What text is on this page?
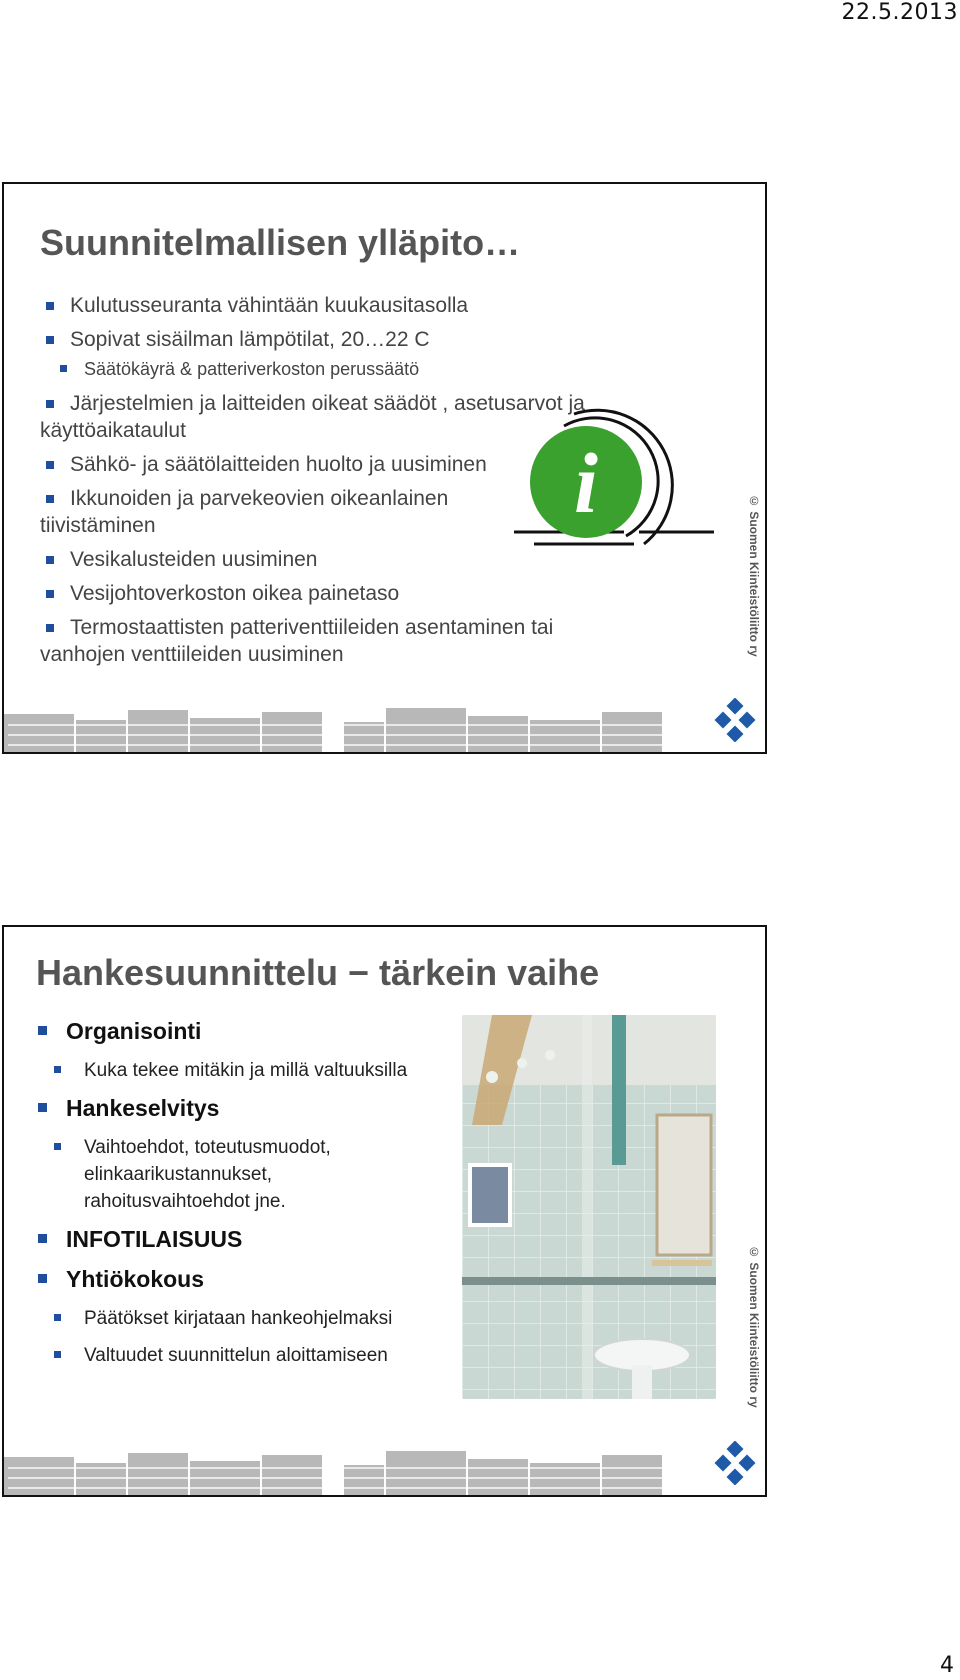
22.5.2013
Suunnitelmallisen ylläpito…
Kulutusseuranta vähintään kuukausitasolla
Sopivat sisäilman lämpötilat, 20…22 C
Säätökäyrä & patteriverkoston perussäätö
Järjestelmien ja laitteiden oikeat säädöt , asetusarvot ja käyttöaikataulut
Sähkö- ja säätölaitteiden huolto ja uusiminen
Ikkunoiden ja parvekeovien oikeanlainen tiivistäminen
Vesikalusteiden uusiminen
Vesijohtoverkoston oikea painetaso
Termostaattisten patteriventtiileiden asentaminen tai vanhojen venttiileiden uusiminen
i
© Suomen Kiinteistöliitto ry
Hankesuunnittelu − tärkein vaihe
Organisointi
Kuka tekee mitäkin ja millä valtuuksilla
Hankeselvitys
Vaihtoehdot, toteutusmuodot, elinkaarikustannukset, rahoitusvaihtoehdot jne.
INFOTILAISUUS
Yhtiökokous
Päätökset kirjataan hankeohjelmaksi
Valtuudet suunnittelun aloittamiseen	© Suomen Kiinteistöliitto ry
4
